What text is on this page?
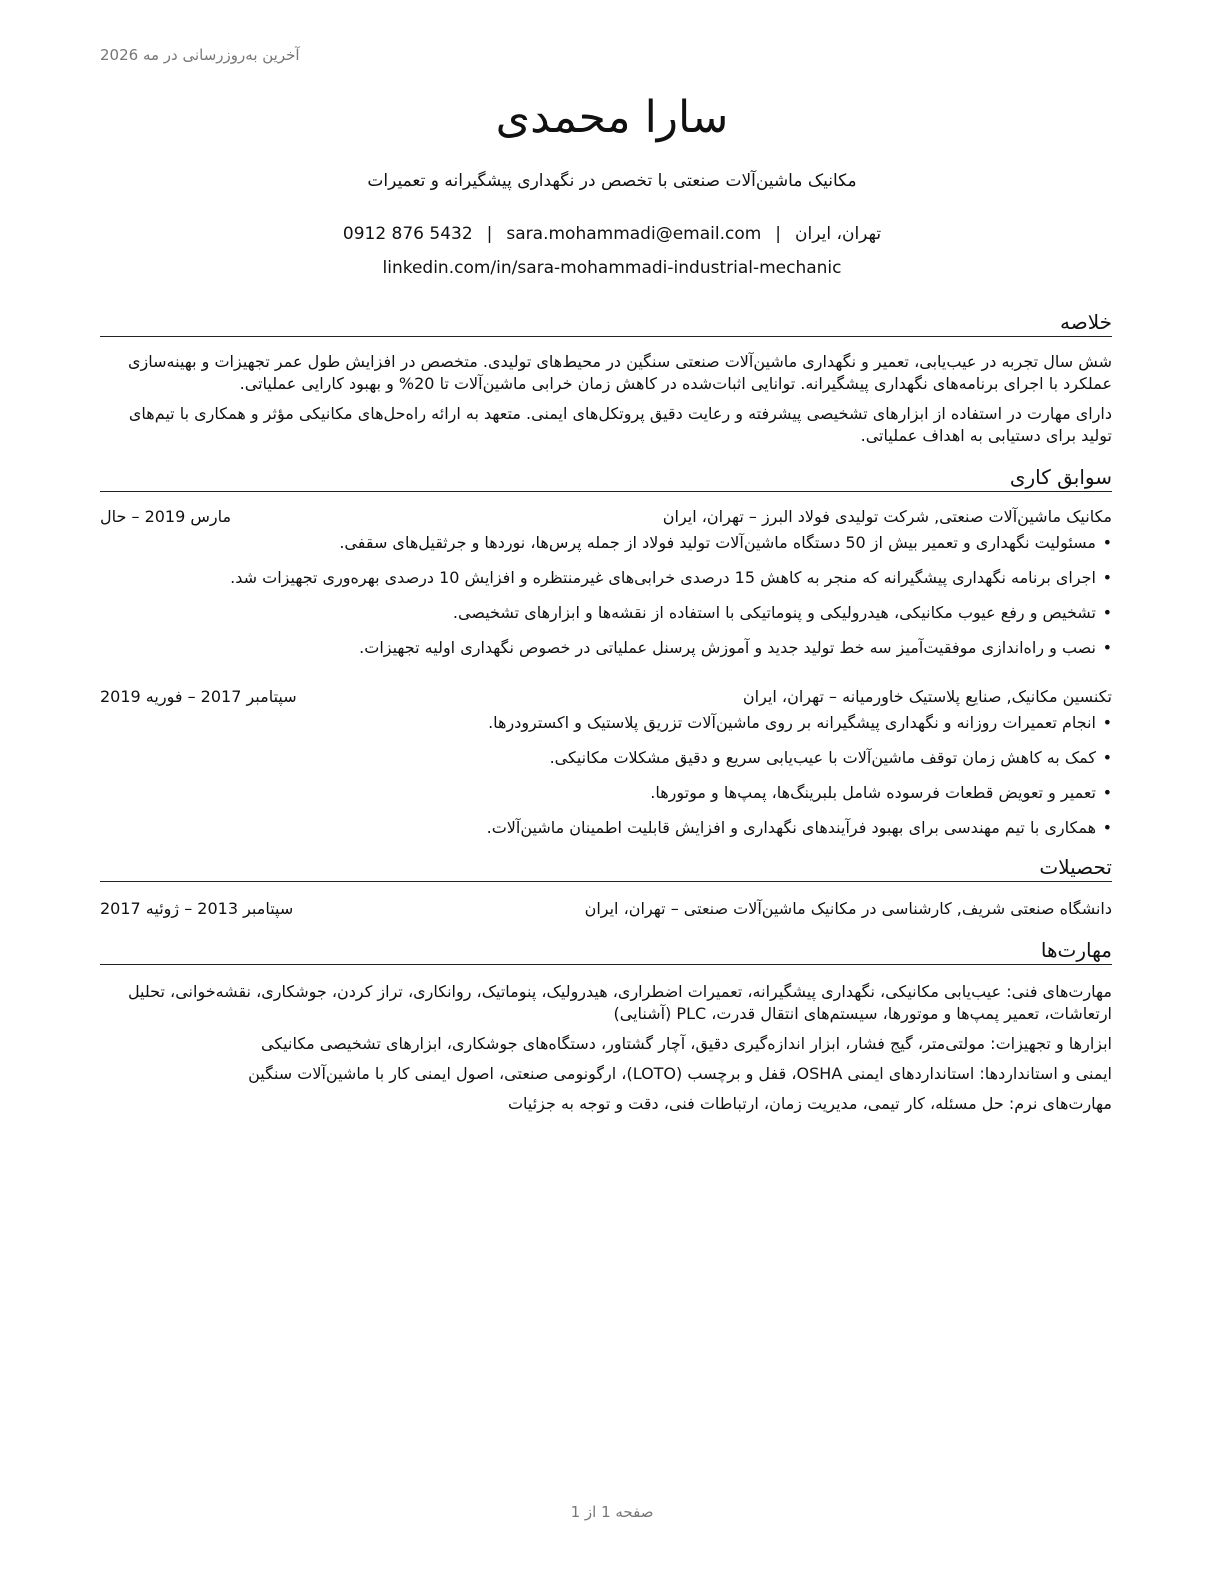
آخرین به‌روزرسانی در مه 2026
سارا محمدی
مکانیک ماشین‌آلات صنعتی با تخصص در نگهداری پیشگیرانه و تعمیرات
تهران، ایران|sara.mohammadi@email.com|0912 876 5432
linkedin.com/in/sara-mohammadi-industrial-mechanic
خلاصه

شش سال تجربه در عیب‌یابی، تعمیر و نگهداری ماشین‌آلات صنعتی سنگین در محیط‌های تولیدی. متخصص در افزایش طول عمر تجهیزات و بهینه‌سازی عملکرد با اجرای برنامه‌های نگهداری پیشگیرانه. توانایی اثبات‌شده در کاهش زمان خرابی ماشین‌آلات تا 20% و بهبود کارایی عملیاتی.

دارای مهارت در استفاده از ابزارهای تشخیصی پیشرفته و رعایت دقیق پروتکل‌های ایمنی. متعهد به ارائه راه‌حل‌های مکانیکی مؤثر و همکاری با تیم‌های تولید برای دستیابی به اهداف عملیاتی.

سوابق کاری
مکانیک ماشین‌آلات صنعتی, شرکت تولیدی فولاد البرز – تهران، ایران
مارس 2019 – حال
• مسئولیت نگهداری و تعمیر بیش از 50 دستگاه ماشین‌آلات تولید فولاد از جمله پرس‌ها، نوردها و جرثقیل‌های سقفی.
• اجرای برنامه نگهداری پیشگیرانه که منجر به کاهش 15 درصدی خرابی‌های غیرمنتظره و افزایش 10 درصدی بهره‌وری تجهیزات شد.
• تشخیص و رفع عیوب مکانیکی، هیدرولیکی و پنوماتیکی با استفاده از نقشه‌ها و ابزارهای تشخیصی.
• نصب و راه‌اندازی موفقیت‌آمیز سه خط تولید جدید و آموزش پرسنل عملیاتی در خصوص نگهداری اولیه تجهیزات.
تکنسین مکانیک, صنایع پلاستیک خاورمیانه – تهران، ایران
سپتامبر 2017 – فوریه 2019
• انجام تعمیرات روزانه و نگهداری پیشگیرانه بر روی ماشین‌آلات تزریق پلاستیک و اکسترودرها.
• کمک به کاهش زمان توقف ماشین‌آلات با عیب‌یابی سریع و دقیق مشکلات مکانیکی.
• تعمیر و تعویض قطعات فرسوده شامل بلبرینگ‌ها، پمپ‌ها و موتورها.
• همکاری با تیم مهندسی برای بهبود فرآیندهای نگهداری و افزایش قابلیت اطمینان ماشین‌آلات.
تحصیلات
دانشگاه صنعتی شریف, کارشناسی در مکانیک ماشین‌آلات صنعتی – تهران، ایران
سپتامبر 2013 – ژوئیه 2017
مهارت‌ها

مهارت‌های فنی: عیب‌یابی مکانیکی، نگهداری پیشگیرانه، تعمیرات اضطراری، هیدرولیک، پنوماتیک، روانکاری، تراز کردن، جوشکاری، نقشه‌خوانی، تحلیل ارتعاشات، تعمیر پمپ‌ها و موتورها، سیستم‌های انتقال قدرت، PLC (آشنایی)

ابزارها و تجهیزات: مولتی‌متر، گیج فشار، ابزار اندازه‌گیری دقیق، آچار گشتاور، دستگاه‌های جوشکاری، ابزارهای تشخیصی مکانیکی

ایمنی و استانداردها: استانداردهای ایمنی OSHA، قفل و برچسب (LOTO)، ارگونومی صنعتی، اصول ایمنی کار با ماشین‌آلات سنگین

مهارت‌های نرم: حل مسئله، کار تیمی، مدیریت زمان، ارتباطات فنی، دقت و توجه به جزئیات

صفحه 1 از 1
